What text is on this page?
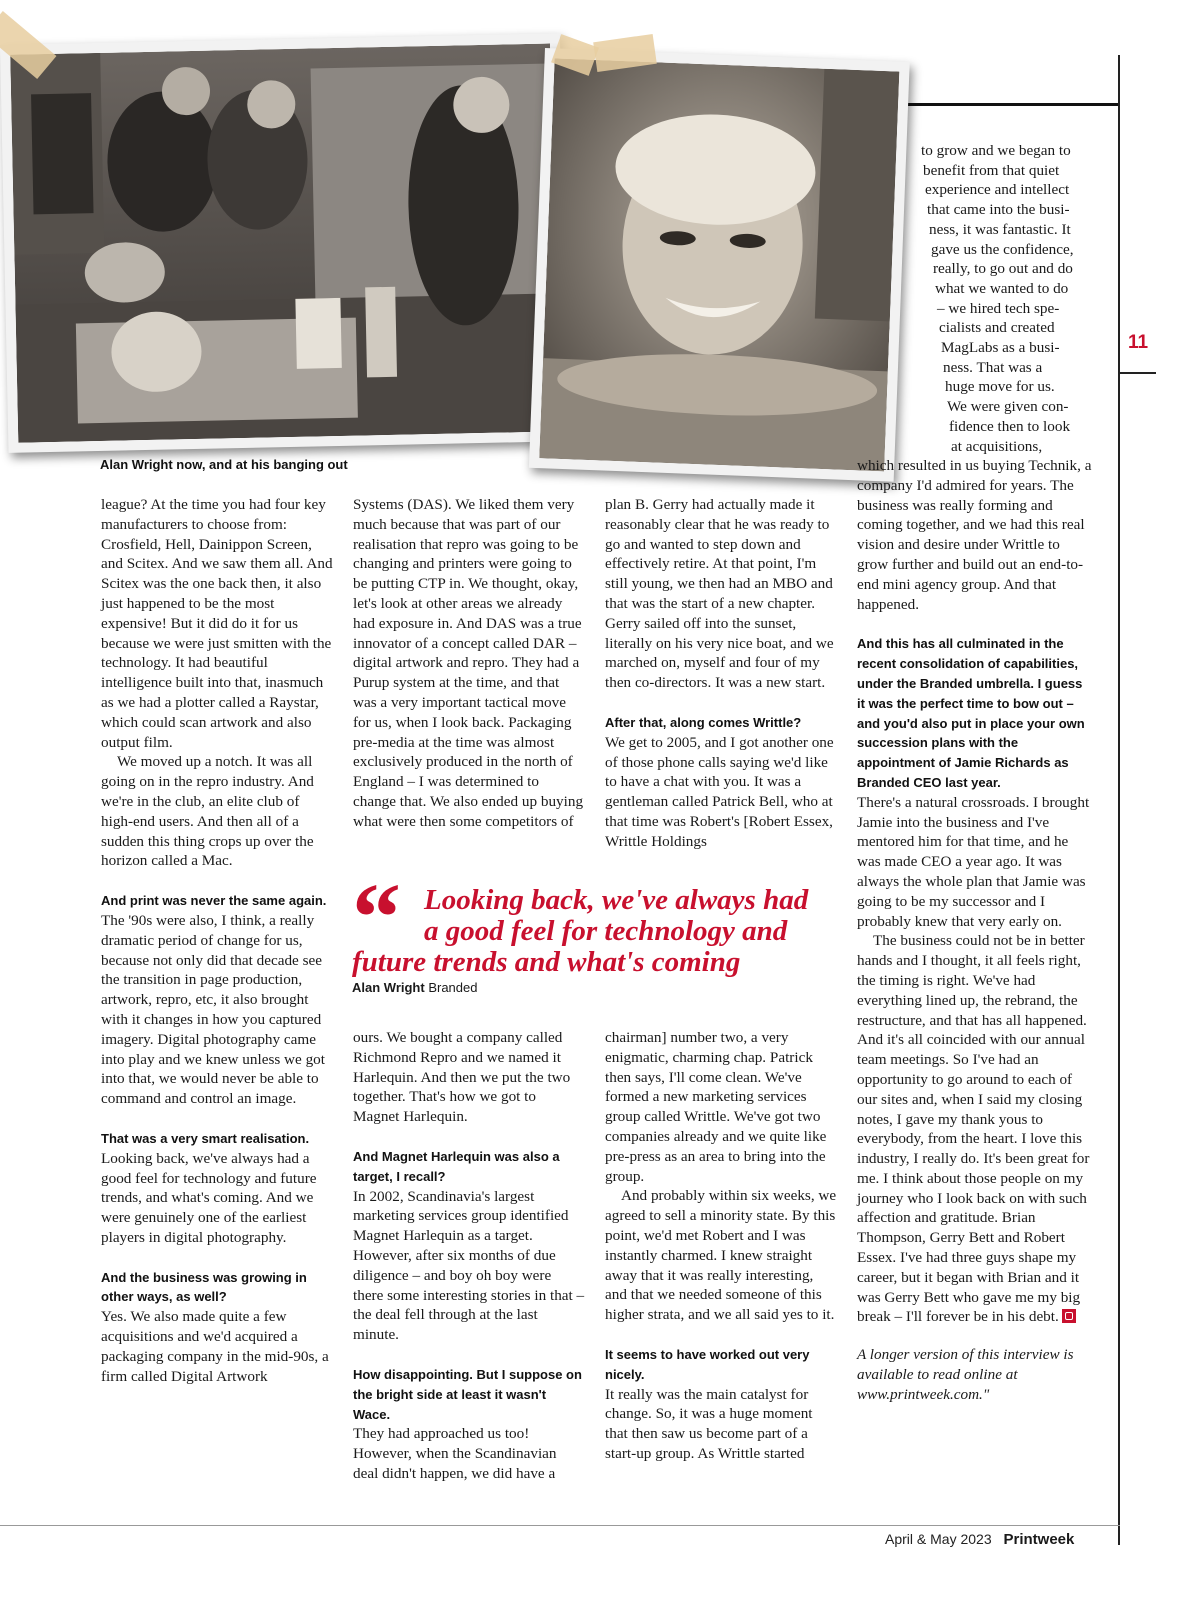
11
Alan Wright now, and at his banging out
to grow and we began to
benefit from that quiet
experience and intellect
that came into the busi-
ness, it was fantastic. It
gave us the confidence,
really, to go out and do
what we wanted to do
– we hired tech spe-
cialists and created
MagLabs as a busi-
ness. That was a
huge move for us.
We were given con-
fidence then to look
at acquisitions,

league? At the time you had four key manufacturers to choose from: Crosfield, Hell, Dainippon Screen, and Scitex. And we saw them all. And Scitex was the one back then, it also just happened to be the most expensive! But it did do it for us because we were just smitten with the technology. It had beautiful intelligence built into that, inasmuch as we had a plotter called a Raystar, which could scan artwork and also output film.

We moved up a notch. It was all going on in the repro industry. And we're in the club, an elite club of high-end users. And then all of a sudden this thing crops up over the horizon called a Mac.

And print was never the same again.

The '90s were also, I think, a really dramatic period of change for us, because not only did that decade see the transition in page production, artwork, repro, etc, it also brought with it changes in how you captured imagery. Digital photography came into play and we knew unless we got into that, we would never be able to command and control an image.

That was a very smart realisation.

Looking back, we've always had a good feel for technology and future trends, and what's coming. And we were genuinely one of the earliest players in digital photography.

And the business was growing in other ways, as well?

Yes. We also made quite a few acquisitions and we'd acquired a packaging company in the mid-90s, a firm called Digital Artwork

Systems (DAS). We liked them very much because that was part of our realisation that repro was going to be changing and printers were going to be putting CTP in. We thought, okay, let's look at other areas we already had exposure in. And DAS was a true innovator of a concept called DAR – digital artwork and repro. They had a Purup system at the time, and that was a very important tactical move for us, when I look back. Packaging pre-media at the time was almost exclusively produced in the north of England – I was determined to change that. We also ended up buying what were then some competitors of

plan B. Gerry had actually made it reasonably clear that he was ready to go and wanted to step down and effectively retire. At that point, I'm still young, we then had an MBO and that was the start of a new chapter. Gerry sailed off into the sunset, literally on his very nice boat, and we marched on, myself and four of my then co-directors. It was a new start.

After that, along comes Writtle?

We get to 2005, and I got another one of those phone calls saying we'd like to have a chat with you. It was a gentleman called Patrick Bell, who at that time was Robert's [Robert Essex, Writtle Holdings

“ Looking back, we've always had
a good feel for technology and
future trends and what's coming
Alan Wright Branded

ours. We bought a company called Richmond Repro and we named it Harlequin. And then we put the two together. That's how we got to Magnet Harlequin.

And Magnet Harlequin was also a target, I recall?

In 2002, Scandinavia's largest marketing services group identified Magnet Harlequin as a target. However, after six months of due diligence – and boy oh boy were there some interesting stories in that – the deal fell through at the last minute.

How disappointing. But I suppose on the bright side at least it wasn't Wace.

They had approached us too! However, when the Scandinavian deal didn't happen, we did have a

chairman] number two, a very enigmatic, charming chap. Patrick then says, I'll come clean. We've formed a new marketing services group called Writtle. We've got two companies already and we quite like pre-press as an area to bring into the group.

And probably within six weeks, we agreed to sell a minority state. By this point, we'd met Robert and I was instantly charmed. I knew straight away that it was really interesting, and that we needed someone of this higher strata, and we all said yes to it.

It seems to have worked out very nicely.

It really was the main catalyst for change. So, it was a huge moment that then saw us become part of a start-up group. As Writtle started

which resulted in us buying Technik, a company I'd admired for years. The business was really forming and coming together, and we had this real vision and desire under Writtle to grow further and build out an end-to-end mini agency group. And that happened.

And this has all culminated in the recent consolidation of capabilities, under the Branded umbrella. I guess it was the perfect time to bow out – and you'd also put in place your own succession plans with the appointment of Jamie Richards as Branded CEO last year.

There's a natural crossroads. I brought Jamie into the business and I've mentored him for that time, and he was made CEO a year ago. It was always the whole plan that Jamie was going to be my successor and I probably knew that very early on.

The business could not be in better hands and I thought, it all feels right, the timing is right. We've had everything lined up, the rebrand, the restructure, and that has all happened. And it's all coincided with our annual team meetings. So I've had an opportunity to go around to each of our sites and, when I said my closing notes, I gave my thank yous to everybody, from the heart. I love this industry, I really do. It's been great for me. I think about those people on my journey who I look back on with such affection and gratitude. Brian Thompson, Gerry Bett and Robert Essex. I've had three guys shape my career, but it began with Brian and it was Gerry Bett who gave me my big break – I'll forever be in his debt.

A longer version of this interview is available to read online at www.printweek.com."

April & May 2023 Printweek
